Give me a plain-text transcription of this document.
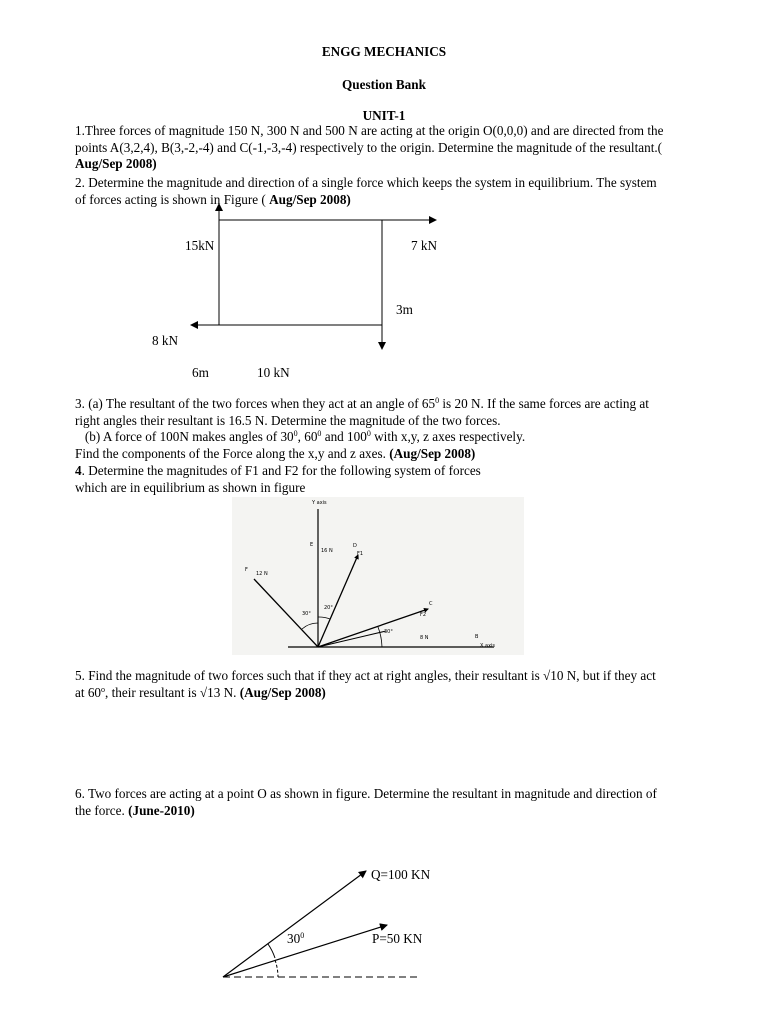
ENGG MECHANICS
Question Bank
UNIT-1
1.Three forces of magnitude 150 N, 300 N and 500 N are acting at the origin O(0,0,0) and are directed from the
points A(3,2,4), B(3,-2,-4) and C(-1,-3,-4) respectively to the origin. Determine the magnitude of the resultant.(
Aug/Sep 2008)
2. Determine the magnitude and direction of a single force which keeps the system in equilibrium. The system
of forces acting is shown in Figure ( Aug/Sep 2008)
15kN	7 kN
3m
8 kN
6m	10 kN
3. (a) The resultant of the two forces when they act at an angle of $65^0$ is 20 N. If the same forces are acting at
right angles their resultant is 16.5 N. Determine the magnitude of the two forces.
(b) A force of 100N makes angles of $30^0$, $60^0$ and $100^0$ with x,y, z axes respectively.
Find the components of the Force along the x,y and z axes. (Aug/Sep 2008)
4. Determine the magnitudes of F1 and F2 for the following system of forces
which are in equilibrium as shown in figure
Y axis
E
16 N
D
F1
F
12 N
30°
20°
30°
C
F2
8 N	B
X axis
5. Find the magnitude of two forces such that if they act at right angles, their resultant is √10 N, but if they act
at 60$^o$, their resultant is √13 N. (Aug/Sep 2008)
6. Two forces are acting at a point O as shown in figure. Determine the resultant in magnitude and direction of
the force. (June-2010)
Q=100 KN
P=50 KN
$30^0$
